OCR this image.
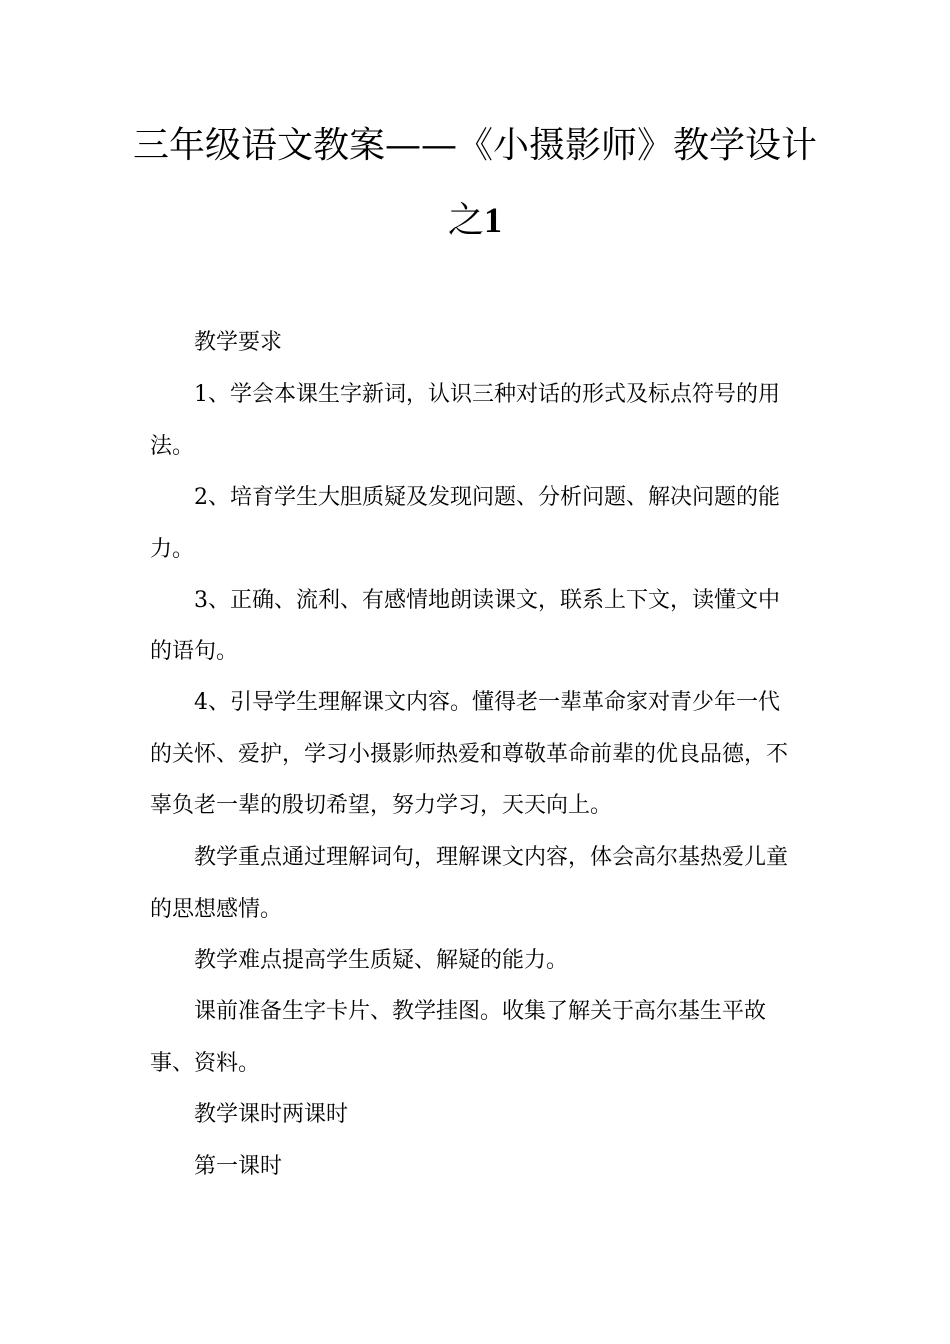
三年级语文教案——《小摄影师》教学设计
之1
教学要求
1、学会本课生字新词，认识三种对话的形式及标点符号的用
法。
2、培育学生大胆质疑及发现问题、分析问题、解决问题的能
力。
3、正确、流利、有感情地朗读课文，联系上下文，读懂文中
的语句。
4、引导学生理解课文内容。懂得老一辈革命家对青少年一代
的关怀、爱护，学习小摄影师热爱和尊敬革命前辈的优良品德，不
辜负老一辈的殷切希望，努力学习，天天向上。
教学重点通过理解词句，理解课文内容，体会高尔基热爱儿童
的思想感情。
教学难点提高学生质疑、解疑的能力。
课前准备生字卡片、教学挂图。收集了解关于高尔基生平故
事、资料。
教学课时两课时
第一课时
